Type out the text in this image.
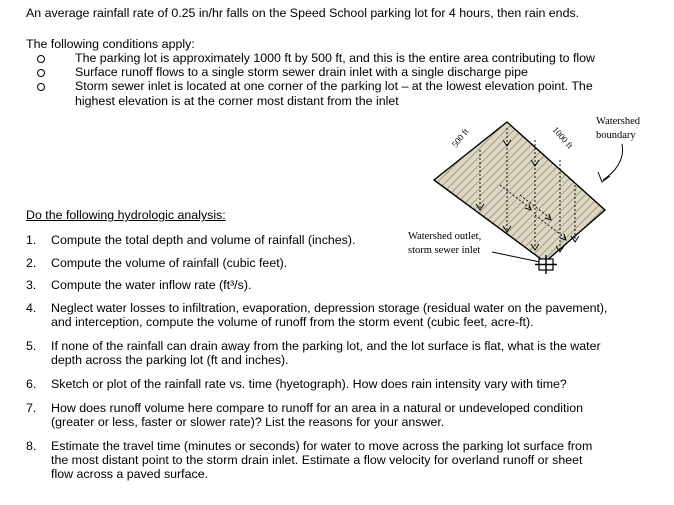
An average rainfall rate of 0.25 in/hr falls on the Speed School parking lot for 4 hours, then rain ends.
The following conditions apply:
The parking lot is approximately 1000 ft by 500 ft, and this is the entire area contributing to flow
Surface runoff flows to a single storm sewer drain inlet with a single discharge pipe
Storm sewer inlet is located at one corner of the parking lot – at the lowest elevation point. The
highest elevation is at the corner most distant from the inlet
500 ft	1000 ft
Watershed
boundary
Watershed outlet,
storm sewer inlet
Do the following hydrologic analysis:
1. Compute the total depth and volume of rainfall (inches).
2. Compute the volume of rainfall (cubic feet).
3. Compute the water inflow rate (ft³/s).
4. Neglect water losses to infiltration, evaporation, depression storage (residual water on the pavement),
and interception, compute the volume of runoff from the storm event (cubic feet, acre-ft).
5. If none of the rainfall can drain away from the parking lot, and the lot surface is flat, what is the water
depth across the parking lot (ft and inches).
6. Sketch or plot of the rainfall rate vs. time (hyetograph). How does rain intensity vary with time?
7. How does runoff volume here compare to runoff for an area in a natural or undeveloped condition
(greater or less, faster or slower rate)? List the reasons for your answer.
8. Estimate the travel time (minutes or seconds) for water to move across the parking lot surface from
the most distant point to the storm drain inlet. Estimate a flow velocity for overland runoff or sheet
flow across a paved surface.
